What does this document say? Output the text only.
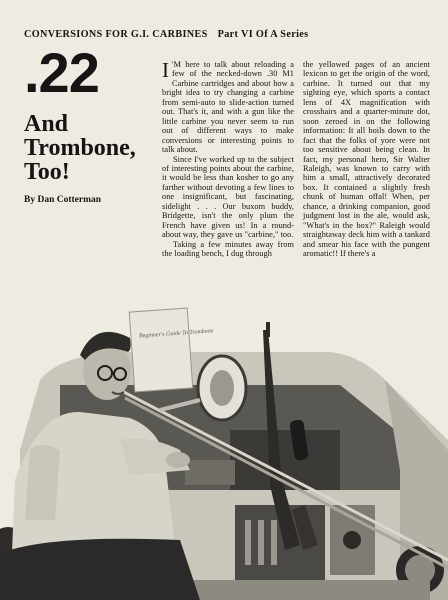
CONVERSIONS FOR G.I. CARBINES Part VI Of A Series
.22
And Trombone, Too!
By Dan Cotterman

I 'M here to talk about reloading a few of the necked-down .30 M1 Carbine cartridges and about how a bright idea to try changing a carbine from semi-auto to slide-action turned out. That's it, and with a gun like the little carbine you never seem to run out of different ways to make conversions or interesting points to talk about.

Since I've worked up to the subject of interesting points about the carbine, it would be less than kosher to go any farther without devoting a few lines to one insignificant, but fascinating, sidelight . . . Our buxom buddy, Bridgette, isn't the only plum the French have given us! In a round-about way, they gave us "carbine," too.

Taking a few minutes away from the loading bench, I dug through

the yellowed pages of an ancient lexicon to get the origin of the word, carbine. It turned out that my sighting eye, which sports a contact lens of 4X magnification with crosshairs and a quarter-minute dot, soon zeroed in on the following information: It all boils down to the fact that the folks of yore were not too sensitive about being clean. In fact, my personal hero, Sir Walter Raleigh, was known to carry with him a small, attractively decorated box. It contained a slightly fresh chunk of human offal! When, per chance, a drinking companion, good judgment lost in the ale, would ask, "What's in the box?" Raleigh would straightaway deck him with a tankard and smear his face with the pungent aromatic!! If there's a

Beginner's Guide To Trombone
